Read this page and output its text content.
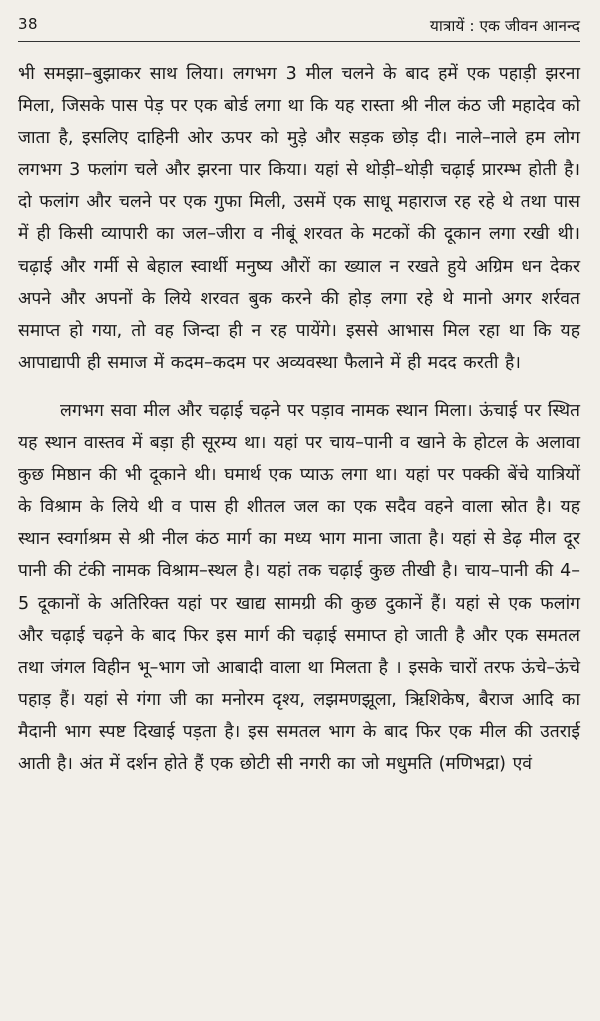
38	यात्रायें : एक जीवन आनन्द

भी समझा–बुझाकर साथ लिया। लगभग 3 मील चलने के बाद हमें एक पहाड़ी झरना मिला, जिसके पास पेड़ पर एक बोर्ड लगा था कि यह रास्ता श्री नील कंठ जी महादेव को जाता है, इसलिए दाहिनी ओर ऊपर को मुड़े और सड़क छोड़ दी। नाले–नाले हम लोग लगभग 3 फलांग चले और झरना पार किया। यहां से थोड़ी–थोड़ी चढ़ाई प्रारम्भ होती है। दो फलांग और चलने पर एक गुफा मिली, उसमें एक साधू महाराज रह रहे थे तथा पास में ही किसी व्यापारी का जल–जीरा व नीबूं शरवत के मटकों की दूकान लगा रखी थी। चढ़ाई और गर्मी से बेहाल स्वार्थी मनुष्य औरों का ख्याल न रखते हुये अग्रिम धन देकर अपने और अपनों के लिये शरवत बुक करने की होड़ लगा रहे थे मानो अगर शर्रवत समाप्त हो गया, तो वह जिन्दा ही न रह पायेंगे। इससे आभास मिल रहा था कि यह आपाद्यापी ही समाज में कदम–कदम पर अव्यवस्था फैलाने में ही मदद करती है।

लगभग सवा मील और चढ़ाई चढ़ने पर पड़ाव नामक स्थान मिला। ऊंचाई पर स्थित यह स्थान वास्तव में बड़ा ही सूरम्य था। यहां पर चाय–पानी व खाने के होटल के अलावा कुछ मिष्ठान की भी दूकाने थी। घमार्थ एक प्याऊ लगा था। यहां पर पक्की बेंचे यात्रियों के विश्राम के लिये थी व पास ही शीतल जल का एक सदैव वहने वाला स्रोत है। यह स्थान स्वर्गाश्रम से श्री नील कंठ मार्ग का मध्य भाग माना जाता है। यहां से डेढ़ मील दूर पानी की टंकी नामक विश्राम–स्थल है। यहां तक चढ़ाई कुछ तीखी है। चाय–पानी की 4–5 दूकानों के अतिरिक्त यहां पर खाद्य सामग्री की कुछ दुकानें हैं। यहां से एक फलांग और चढ़ाई चढ़ने के बाद फिर इस मार्ग की चढ़ाई समाप्त हो जाती है और एक समतल तथा जंगल विहीन भू–भाग जो आबादी वाला था मिलता है । इसके चारों तरफ ऊंचे–ऊंचे पहाड़ हैं। यहां से गंगा जी का मनोरम दृश्य, लझमणझूला, ऋिशिकेष, बैराज आदि का मैदानी भाग स्पष्ट दिखाई पड़ता है। इस समतल भाग के बाद फिर एक मील की उतराई आती है। अंत में दर्शन होते हैं एक छोटी सी नगरी का जो मधुमति (मणिभद्रा) एवं
